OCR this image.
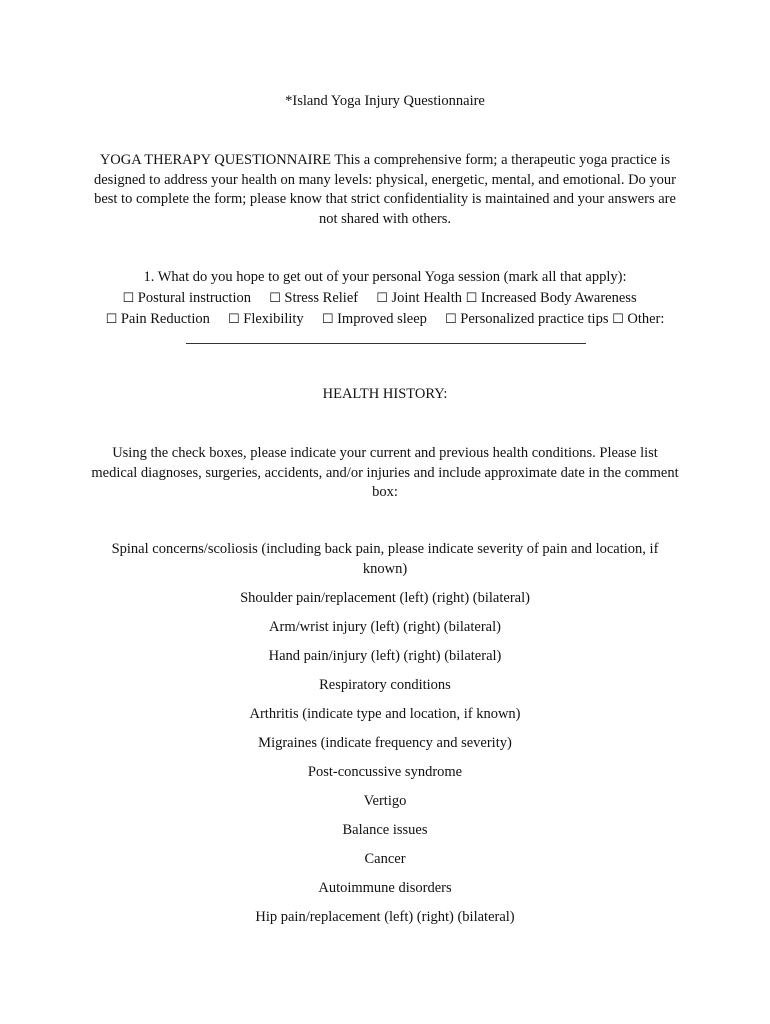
*Island Yoga Injury Questionnaire
YOGA THERAPY QUESTIONNAIRE This a comprehensive form; a therapeutic yoga practice is designed to address your health on many levels: physical, energetic, mental, and emotional. Do your best to complete the form; please know that strict confidentiality is maintained and your answers are not shared with others.
1. What do you hope to get out of your personal Yoga session (mark all that apply):  ☐ Postural instruction ☐ Stress Relief ☐ Joint Health ☐ Increased Body Awareness     ☐ Pain Reduction ☐ Flexibility ☐ Improved sleep ☐ Personalized practice tips ☐ Other:
HEALTH HISTORY:
Using the check boxes, please indicate your current and previous health conditions. Please list medical diagnoses, surgeries, accidents, and/or injuries and include approximate date in the comment box:
Spinal concerns/scoliosis (including back pain, please indicate severity of pain and location, if known)
Shoulder pain/replacement (left) (right) (bilateral)
Arm/wrist injury (left) (right) (bilateral)
Hand pain/injury (left) (right) (bilateral)
Respiratory conditions
Arthritis (indicate type and location, if known)
Migraines (indicate frequency and severity)
Post-concussive syndrome
Vertigo
Balance issues
Cancer
Autoimmune disorders
Hip pain/replacement (left) (right) (bilateral)
